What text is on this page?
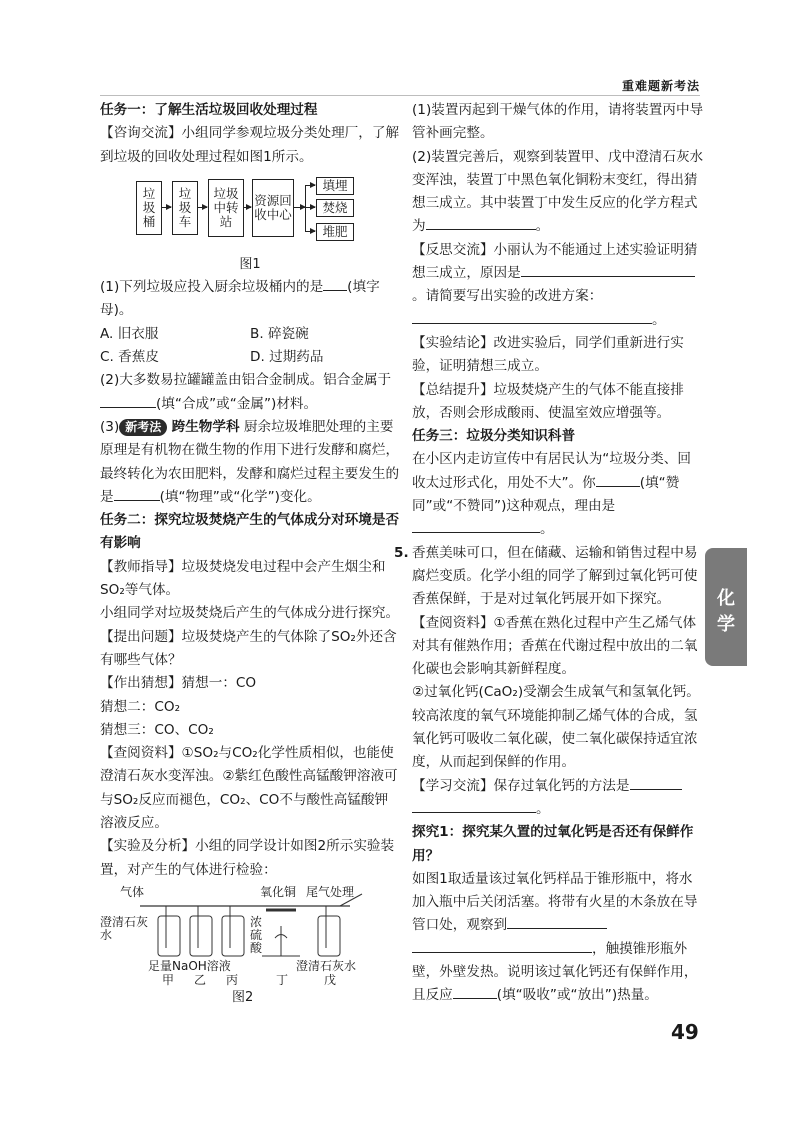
重难题新考法

任务一：了解生活垃圾回收处理过程

【咨询交流】小组同学参观垃圾分类处理厂，了解到垃圾的回收处理过程如图1所示。

垃圾桶
垃圾车
垃圾中转站
资源回收中心
填埋
焚烧
堆肥

图1

(1)下列垃圾应投入厨余垃圾桶内的是 (填字母)。

A. 旧衣服	B. 碎瓷碗
C. 香蕉皮	D. 过期药品

(2)大多数易拉罐罐盖由铝合金制成。铝合金属于(填“合成”或“金属”)材料。

(3) 新考法 跨生物学科 厨余垃圾堆肥处理的主要原理是有机物在微生物的作用下进行发酵和腐烂，最终转化为农田肥料，发酵和腐烂过程主要发生的是	(填“物理”或“化学”)变化。

任务二：探究垃圾焚烧产生的气体成分对环境是否有影响

【教师指导】垃圾焚烧发电过程中会产生烟尘和SO₂等气体。

小组同学对垃圾焚烧后产生的气体成分进行探究。

【提出问题】垃圾焚烧产生的气体除了SO₂外还含有哪些气体？

【作出猜想】猜想一：CO

猜想二：CO₂

猜想三：CO、CO₂

【查阅资料】①SO₂与CO₂化学性质相似，也能使澄清石灰水变浑浊。②紫红色酸性高锰酸钾溶液可与SO₂反应而褪色，CO₂、CO不与酸性高锰酸钾溶液反应。

【实验及分析】小组的同学设计如图2所示实验装置，对产生的气体进行检验：

气体
澄清石灰水
浓硫酸
氧化铜 尾气处理
足量NaOH溶液	澄清石灰水
甲 乙 丙	丁	戊
图2

(1)装置丙起到干燥气体的作用，请将装置丙中导管补画完整。

(2)装置完善后，观察到装置甲、戊中澄清石灰水变浑浊，装置丁中黑色氧化铜粉末变红，得出猜想三成立。其中装置丁中发生反应的化学方程式为	。

【反思交流】小丽认为不能通过上述实验证明猜想三成立，原因是。请简要写出实验的改进方案：

。

【实验结论】改进实验后，同学们重新进行实验，证明猜想三成立。

【总结提升】垃圾焚烧产生的气体不能直接排放，否则会形成酸雨、使温室效应增强等。

任务三：垃圾分类知识科普

在小区内走访宣传中有居民认为“垃圾分类、回收太过形式化，用处不大”。你	(填“赞同”或“不赞同”)这种观点，理由是。

5. 香蕉美味可口，但在储藏、运输和销售过程中易腐烂变质。化学小组的同学了解到过氧化钙可使香蕉保鲜，于是对过氧化钙展开如下探究。

【查阅资料】①香蕉在熟化过程中产生乙烯气体对其有催熟作用；香蕉在代谢过程中放出的二氧化碳也会影响其新鲜程度。

②过氧化钙(CaO₂)受潮会生成氧气和氢氧化钙。较高浓度的氧气环境能抑制乙烯气体的合成，氢氧化钙可吸收二氧化碳，使二氧化碳保持适宜浓度，从而起到保鲜的作用。

【学习交流】保存过氧化钙的方法是。

探究1：探究某久置的过氧化钙是否还有保鲜作用？

如图1取适量该过氧化钙样品于锥形瓶中，将水加入瓶中后关闭活塞。将带有火星的木条放在导管口处，观察到，触摸锥形瓶外壁，外壁发热。说明该过氧化钙还有保鲜作用，且反应	(填“吸收”或“放出”)热量。

化学
49
